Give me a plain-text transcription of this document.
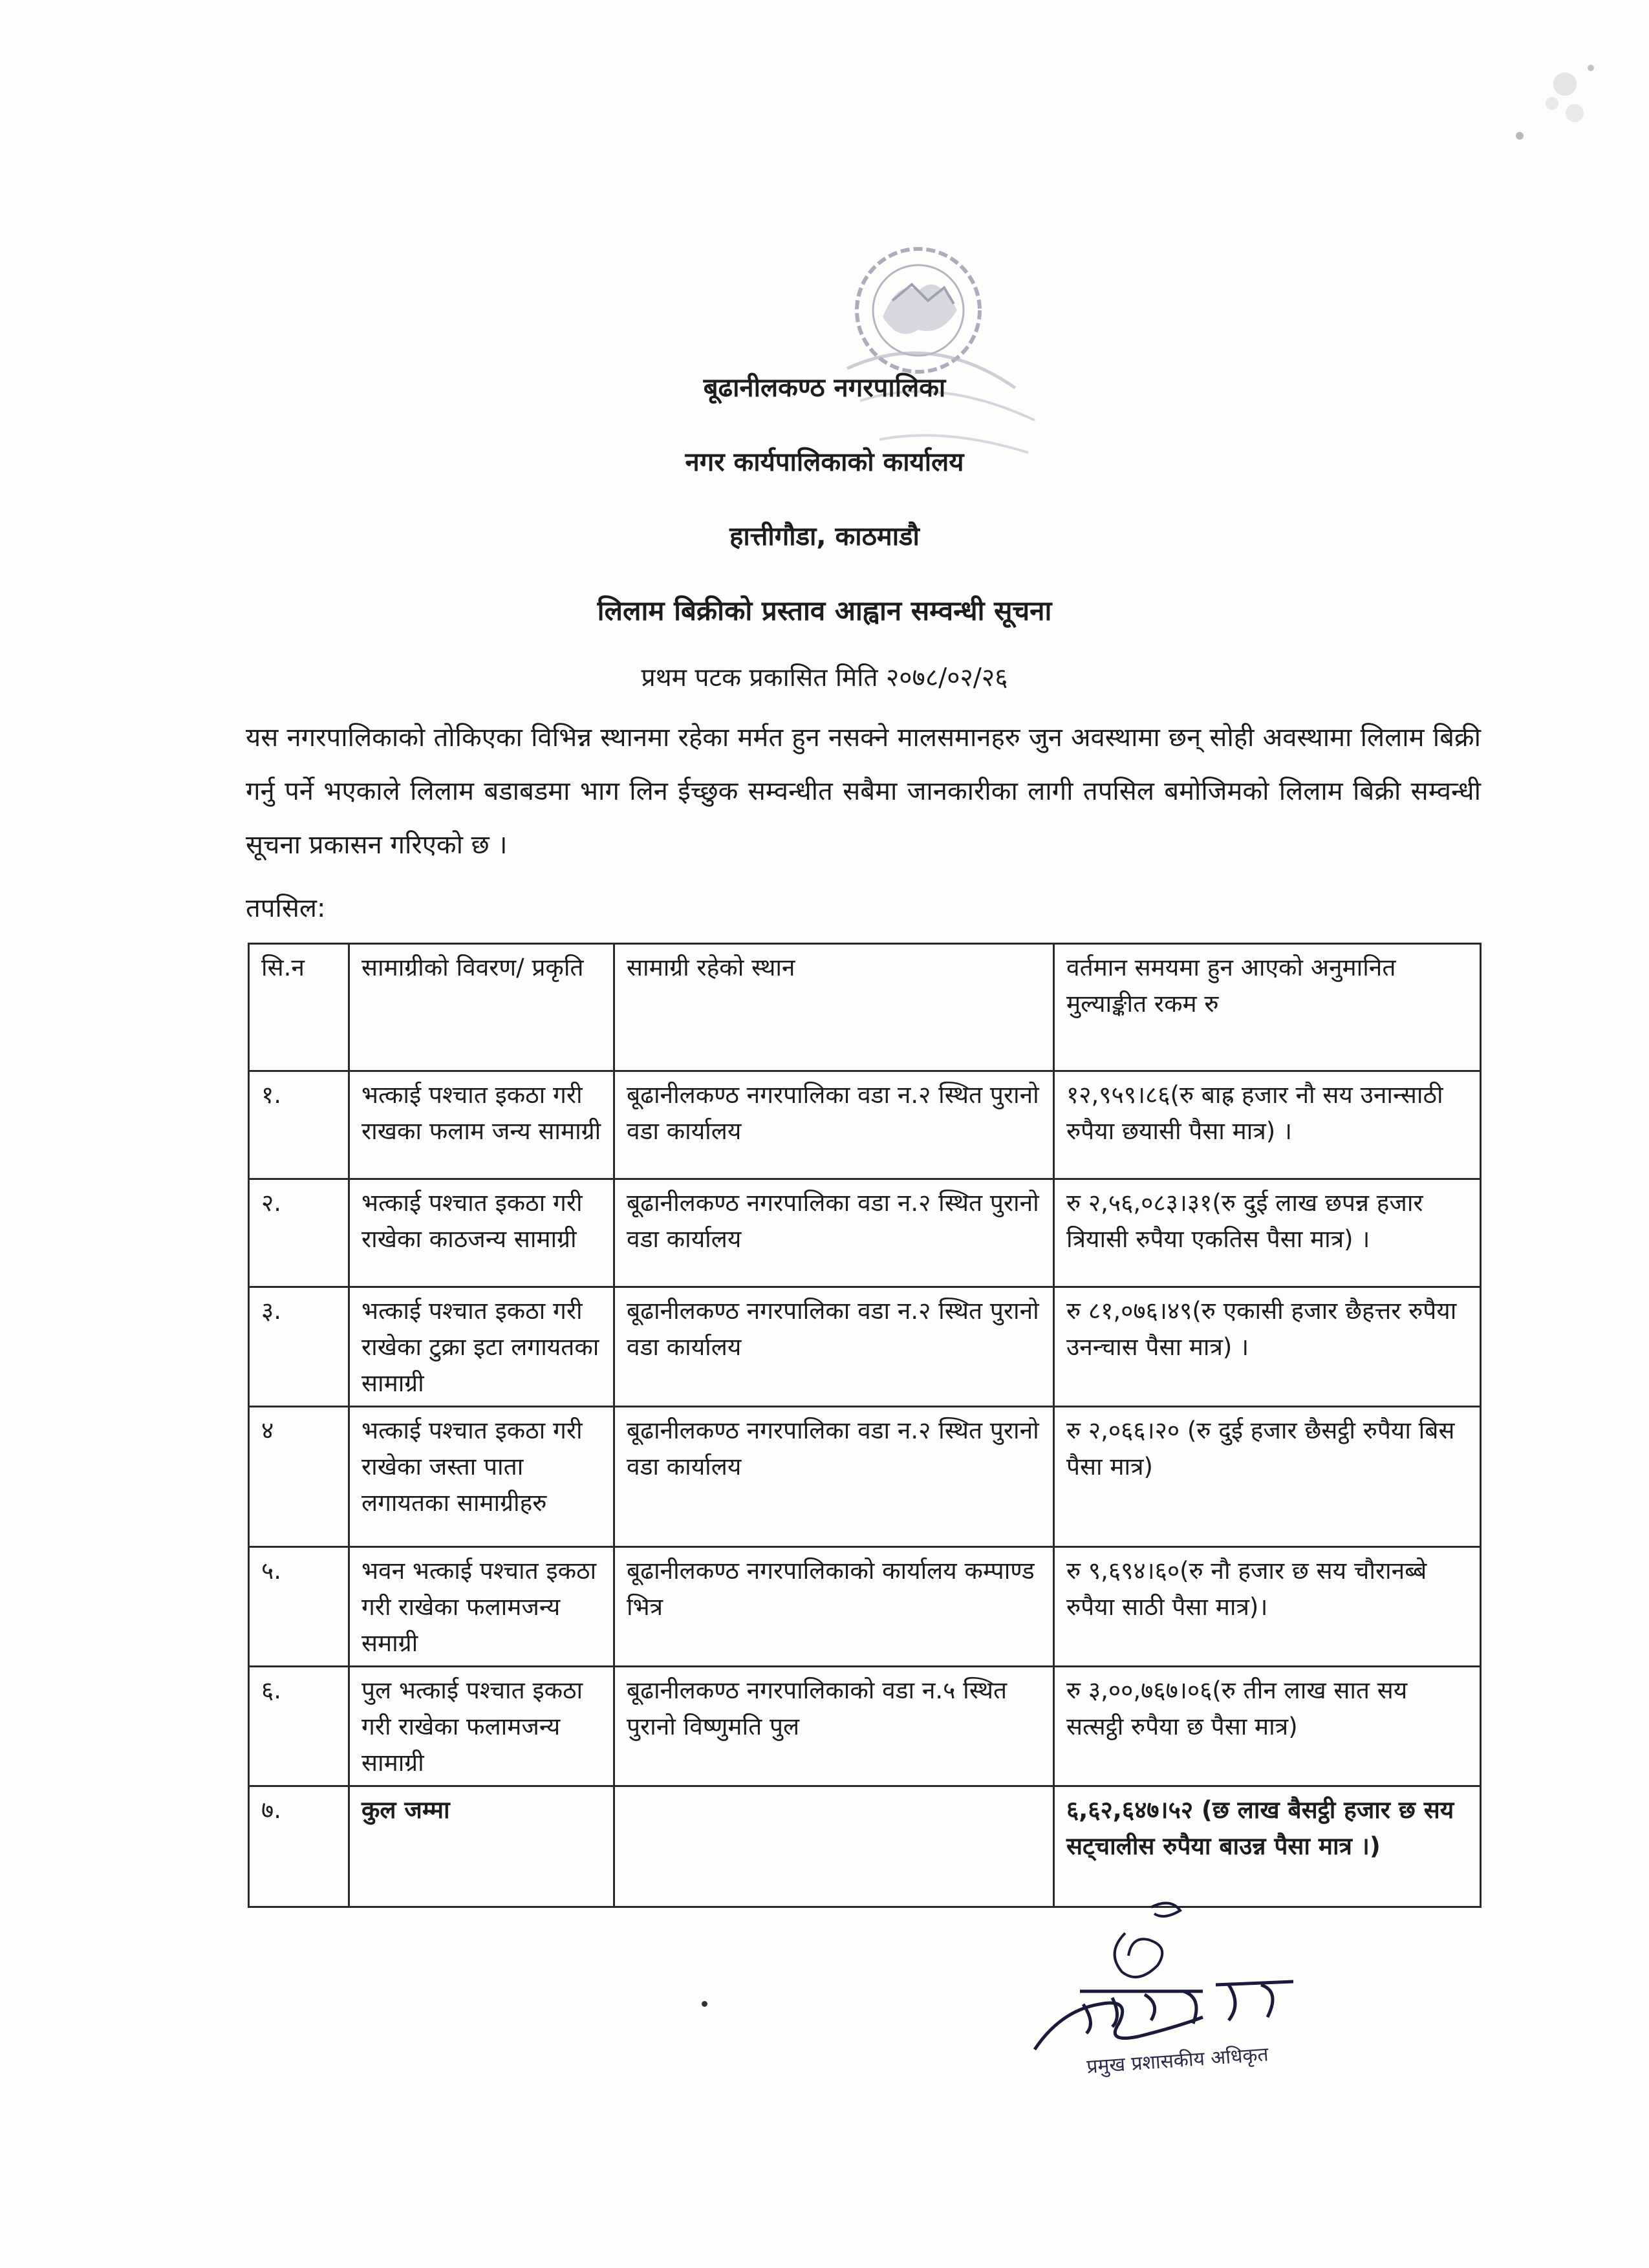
बूढानीलकण्ठ नगरपालिका
नगर कार्यपालिकाको कार्यालय
हात्तीगौडा, काठमाडौ
लिलाम बिक्रीको प्रस्ताव आह्वान सम्वन्धी सूचना
प्रथम पटक प्रकासित मिति २०७८/०२/२६
यस नगरपालिकाको तोकिएका विभिन्न स्थानमा रहेका मर्मत हुन नसक्ने मालसमानहरु जुन अवस्थामा छन् सोही अवस्थामा लिलाम बिक्री गर्नु पर्ने भएकाले लिलाम बडाबडमा भाग लिन ईच्छुक सम्वन्धीत सबैमा जानकारीका लागी तपसिल बमोजिमको लिलाम बिक्री सम्वन्धी सूचना प्रकासन गरिएको छ ।
तपसिल:
सि.न	सामाग्रीको विवरण/ प्रकृति	सामाग्री रहेको स्थान	वर्तमान समयमा हुन आएको अनुमानित मुल्याङ्कीत रकम रु
१.	भत्काई पश्चात इकठा गरी राखका फलाम जन्य सामाग्री	बूढानीलकण्ठ नगरपालिका वडा न.२ स्थित पुरानो वडा कार्यालय	१२,९५९।८६(रु बाह्र हजार नौ सय उनान्साठी रुपैया छयासी पैसा मात्र) ।
२.	भत्काई पश्चात इकठा गरी राखेका काठजन्य सामाग्री	बूढानीलकण्ठ नगरपालिका वडा न.२ स्थित पुरानो वडा कार्यालय	रु २,५६,०८३।३१(रु दुई लाख छपन्न हजार त्रियासी रुपैया एकतिस पैसा मात्र) ।
३.	भत्काई पश्चात इकठा गरी राखेका टुक्रा इटा लगायतका सामाग्री	बूढानीलकण्ठ नगरपालिका वडा न.२ स्थित पुरानो वडा कार्यालय	रु ८१,०७६।४९(रु एकासी हजार छैहत्तर रुपैया उनन्चास पैसा मात्र) ।
४	भत्काई पश्चात इकठा गरी राखेका जस्ता पाता लगायतका सामाग्रीहरु	बूढानीलकण्ठ नगरपालिका वडा न.२ स्थित पुरानो वडा कार्यालय	रु २,०६६।२० (रु दुई हजार छैसट्ठी रुपैया बिस पैसा मात्र)
५.	भवन भत्काई पश्चात इकठा गरी राखेका फलामजन्य समाग्री	बूढानीलकण्ठ नगरपालिकाको कार्यालय कम्पाण्ड भित्र	रु ९,६९४।६०(रु नौ हजार छ सय चौरानब्बे रुपैया साठी पैसा मात्र)।
६.	पुल भत्काई पश्चात इकठा गरी राखेका फलामजन्य सामाग्री	बूढानीलकण्ठ नगरपालिकाको वडा न.५ स्थित पुरानो विष्णुमति पुल	रु ३,००,७६७।०६(रु तीन लाख सात सय सत्सट्ठी रुपैया छ पैसा मात्र)
७.	कुल जम्मा		६,६२,६४७।५२ (छ लाख बैसट्ठी हजार छ सय सट्चालीस रुपैया बाउन्न पैसा मात्र ।)
प्रमुख प्रशासकीय अधिकृत
